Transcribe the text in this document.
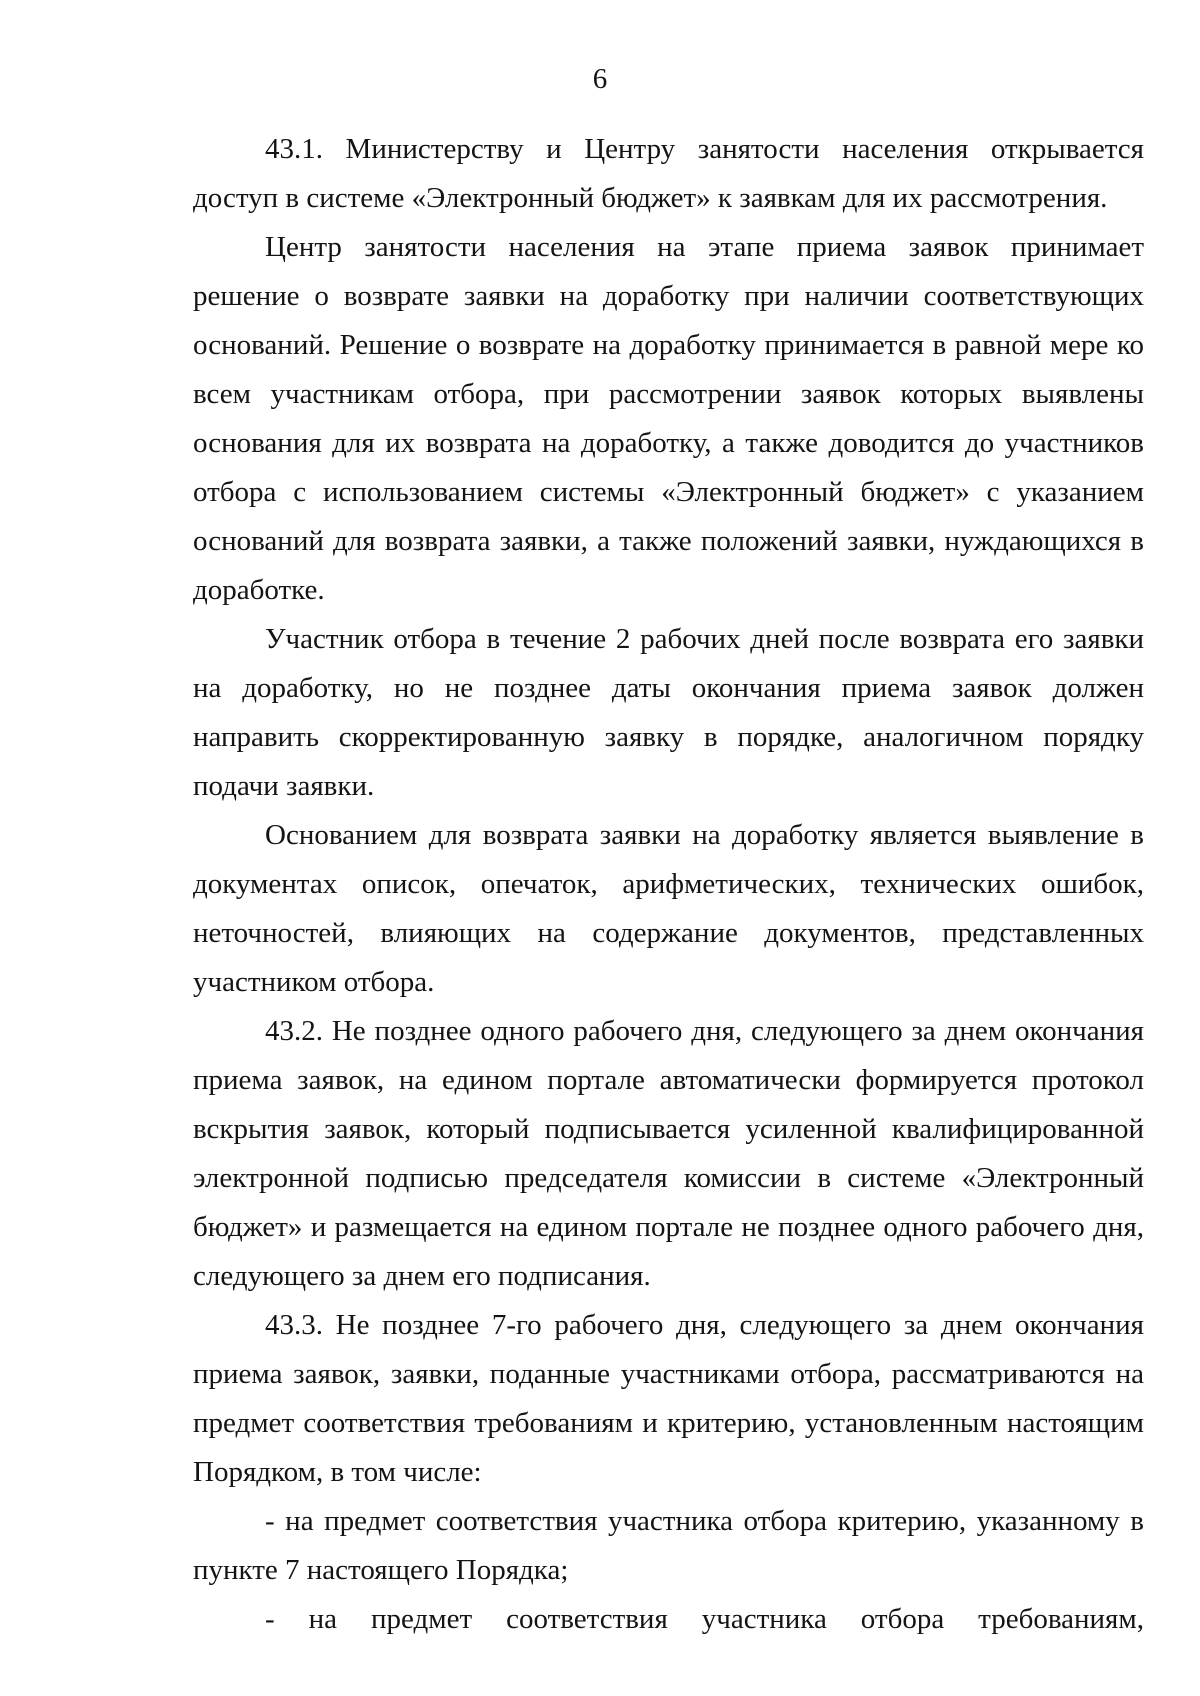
6

43.1. Министерству и Центру занятости населения открывается доступ в системе «Электронный бюджет» к заявкам для их рассмотрения.

Центр занятости населения на этапе приема заявок принимает решение о возврате заявки на доработку при наличии соответствующих оснований. Решение о возврате на доработку принимается в равной мере ко всем участникам отбора, при рассмотрении заявок которых выявлены основания для их возврата на доработку, а также доводится до участников отбора с использованием системы «Электронный бюджет» с указанием оснований для возврата заявки, а также положений заявки, нуждающихся в доработке.

Участник отбора в течение 2 рабочих дней после возврата его заявки на доработку, но не позднее даты окончания приема заявок должен направить скорректированную заявку в порядке, аналогичном порядку подачи заявки.

Основанием для возврата заявки на доработку является выявление в документах описок, опечаток, арифметических, технических ошибок, неточностей, влияющих на содержание документов, представленных участником отбора.

43.2. Не позднее одного рабочего дня, следующего за днем окончания приема заявок, на едином портале автоматически формируется протокол вскрытия заявок, который подписывается усиленной квалифицированной электронной подписью председателя комиссии в системе «Электронный бюджет» и размещается на едином портале не позднее одного рабочего дня, следующего за днем его подписания.

43.3. Не позднее 7-го рабочего дня, следующего за днем окончания приема заявок, заявки, поданные участниками отбора, рассматриваются на предмет соответствия требованиям и критерию, установленным настоящим Порядком, в том числе:

- на предмет соответствия участника отбора критерию, указанному в пункте 7 настоящего Порядка;

- на предмет соответствия участника отбора требованиям,
